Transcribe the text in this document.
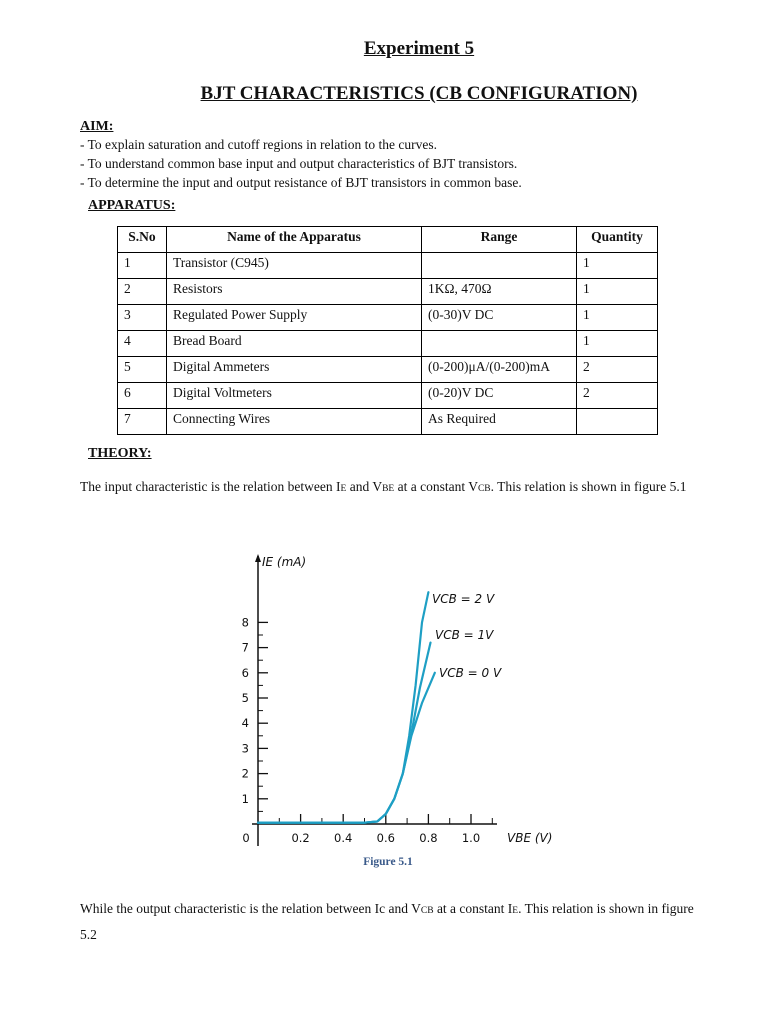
Experiment 5
BJT CHARACTERISTICS (CB CONFIGURATION)
AIM:
- To explain saturation and cutoff regions in relation to the curves.
- To understand common base input and output characteristics of BJT transistors.
- To determine the input and output resistance of BJT transistors in common base.
APPARATUS:
S.No	Name of the Apparatus	Range	Quantity
1	Transistor (C945)		1
2	Resistors	1KΩ, 470Ω	1
3	Regulated Power Supply	(0-30)V DC	1
4	Bread Board		1
5	Digital Ammeters	(0-200)μA/(0-200)mA	2
6	Digital Voltmeters	(0-20)V DC	2
7	Connecting Wires	As Required	
THEORY:
The input characteristic is the relation between IE and VBE at a constant VCB. This relation is shown in figure 5.1
1
2
3
4
5
6
7
8
0	0.2 0.4 0.6 0.8 1.0
IE (mA)
VBE (V)
VCB = 2 V
VCB = 1V
VCB = 0 V
Figure 5.1
While the output characteristic is the relation between Ic and VCB at a constant IE. This relation is shown in figure 5.2
